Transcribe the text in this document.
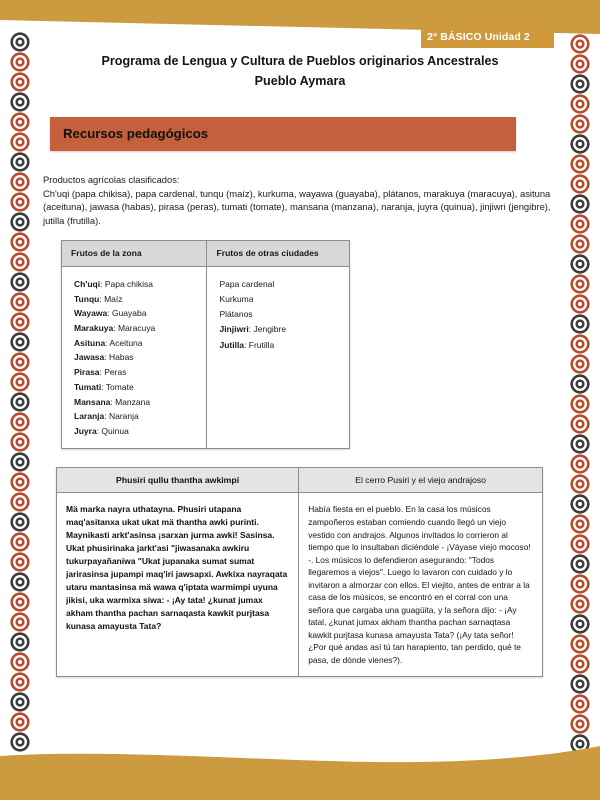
2° BÁSICO Unidad 2
Programa de Lengua y Cultura de Pueblos originarios Ancestrales
Pueblo Aymara
Recursos pedagógicos
Productos agrícolas clasificados:
Ch'uqi (papa chikisa), papa cardenal, tunqu (maíz), kurkuma, wayawa (guayaba), plátanos, marakuya (maracuya), asituna (aceituna), jawasa (habas), pirasa (peras), tumati (tomate), mansana (manzana), naranja, juyra (quinua), jinjiwri (jengibre), jutilla (frutilla).
Frutos de la zona	Frutos de otras ciudades

Ch'uqi: Papa chikisa
Tunqu: Maíz
Wayawa: Guayaba
Marakuya: Maracuya
Asituna: Aceituna
Jawasa: Habas
Pirasa: Peras
Tumati: Tomate
Mansana: Manzana
Laranja: Naranja
Juyra: Quinua

Papa cardenal
Kurkuma
Plátanos
Jinjiwri: Jengibre
Jutilla: Frutilla
Phusiri qullu thantha awkimpi	El cerro Pusiri y el viejo andrajoso

Mä marka nayra uthatayna. Phusiri utapana maq'asitanxa ukat ukat mä thantha awki purinti. Maynikasti arkt'asinsa ¡sarxan jurma awki! Sasinsa. Ukat phusirinaka jarkt'asi "jiwasanaka awkiru tukurpayañaniwa "Ukat jupanaka sumat sumat jarirasinsa jupampi maq'iri jawsapxi. Awkixa nayraqata utaru mantasinsa mä wawa q'iptata warmimpi uyuna jikisi, uka warmixa siwa: - ¡Ay tata! ¿kunat jumax akham thantha pachan sarnaqasta kawkit purjtasa kunasa amayusta Tata?

Había fiesta en el pueblo. En la casa los músicos zampoñeros estaban comiendo cuando llegó un viejo vestido con andrajos. Algunos invitados lo corrieron al tiempo que lo insultaban diciéndole - ¡Váyase viejo mocoso! -. Los músicos lo defendieron asegurando: "Todos llegaremos a viejos". Luego lo lavaron con cuidado y lo invitaron a almorzar con ellos. El viejito, antes de entrar a la casa de los músicos, se encontró en el corral con una señora que cargaba una guagüita, y la señora dijo: - ¡Ay tatal, ¿kunat jumax akham thantha pachan sarnaqtasa kawkit purjtasa kunasa amayusta Tata? (¡Ay tata señor! ¿Por qué andas así tú tan harapiento, tan perdido, qué te pasa, de dónde vienes?).
